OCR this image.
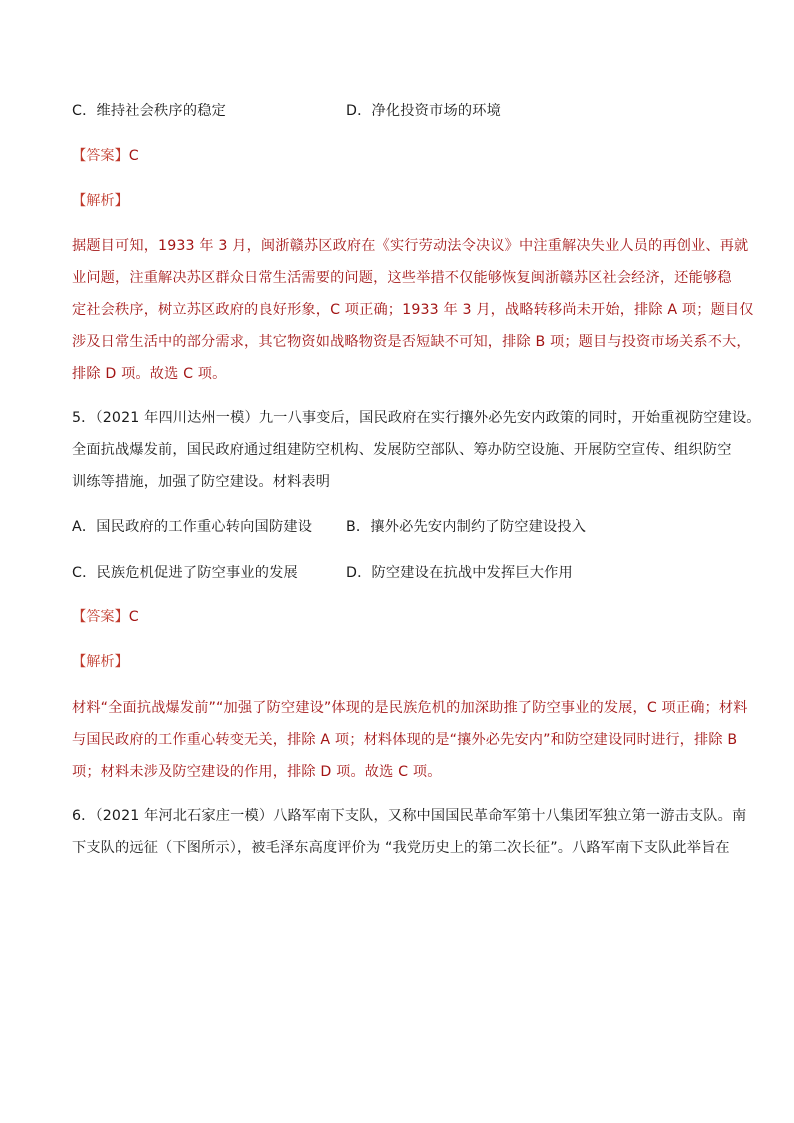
C．维持社会秩序的稳定	D．净化投资市场的环境
【答案】C
【解析】
据题目可知，1933 年 3 月，闽浙赣苏区政府在《实行劳动法令决议》中注重解决失业人员的再创业、再就
业问题，注重解决苏区群众日常生活需要的问题，这些举措不仅能够恢复闽浙赣苏区社会经济，还能够稳
定社会秩序，树立苏区政府的良好形象，C 项正确；1933 年 3 月，战略转移尚未开始，排除 A 项；题目仅
涉及日常生活中的部分需求，其它物资如战略物资是否短缺不可知，排除 B 项；题目与投资市场关系不大，
排除 D 项。故选 C 项。
5．（2021 年四川达州一模）九一八事变后，国民政府在实行攘外必先安内政策的同时，开始重视防空建设。
全面抗战爆发前，国民政府通过组建防空机构、发展防空部队、筹办防空设施、开展防空宣传、组织防空
训练等措施，加强了防空建设。材料表明
A．国民政府的工作重心转向国防建设 B．攘外必先安内制约了防空建设投入
C．民族危机促进了防空事业的发展	D．防空建设在抗战中发挥巨大作用
【答案】C
【解析】
材料“全面抗战爆发前”“加强了防空建设”体现的是民族危机的加深助推了防空事业的发展，C 项正确；材料
与国民政府的工作重心转变无关，排除 A 项；材料体现的是“攘外必先安内”和防空建设同时进行，排除 B
项；材料未涉及防空建设的作用，排除 D 项。故选 C 项。
6．（2021 年河北石家庄一模）八路军南下支队，又称中国国民革命军第十八集团军独立第一游击支队。南
下支队的远征（下图所示），被毛泽东高度评价为 “我党历史上的第二次长征”。八路军南下支队此举旨在
